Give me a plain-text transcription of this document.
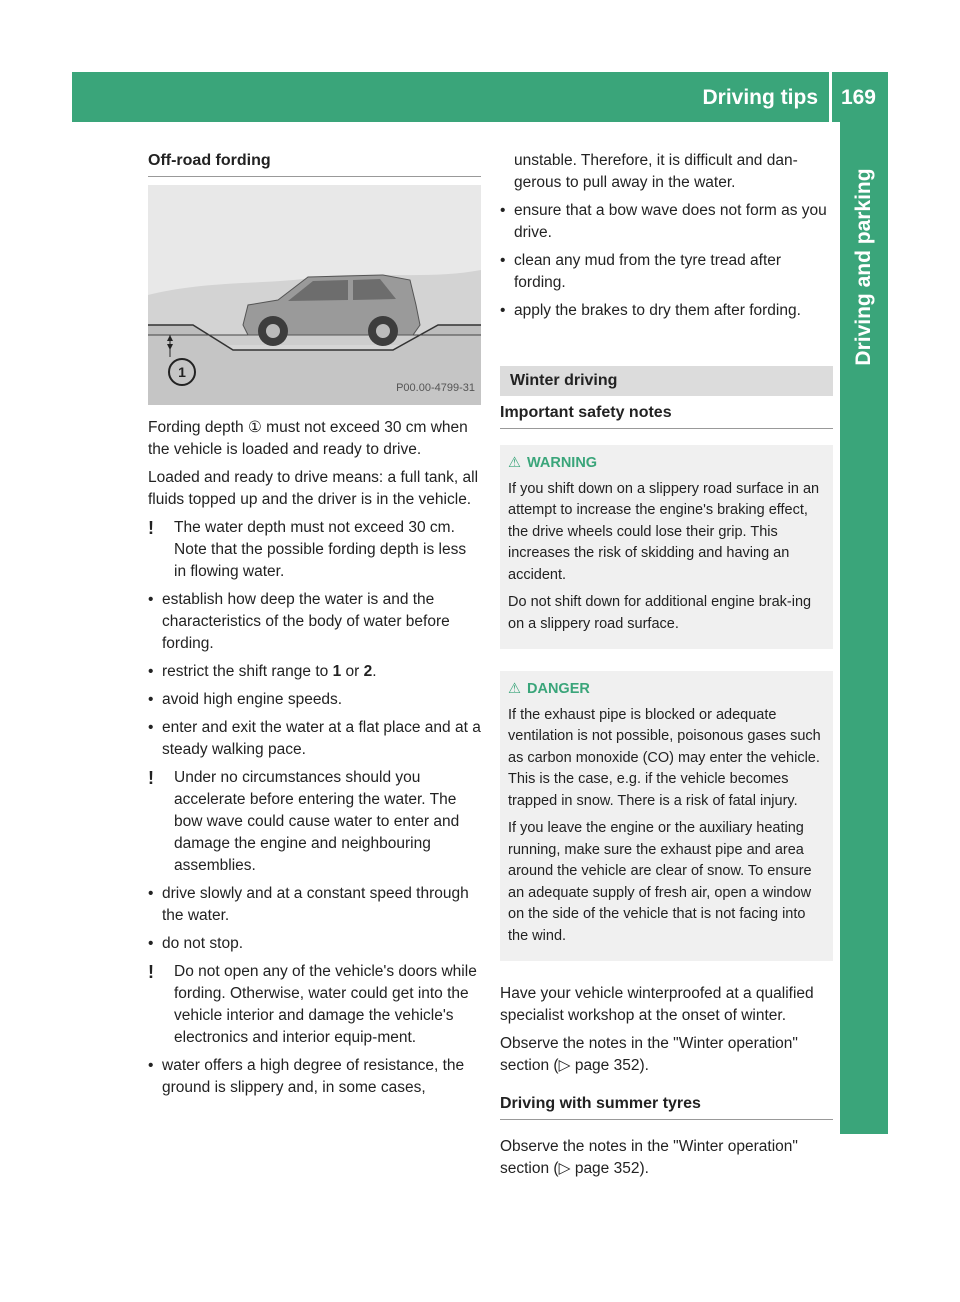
Driving tips 169
Driving and parking
Off-road fording
1
P00.00-4799-31

Fording depth ① must not exceed 30 cm when the vehicle is loaded and ready to drive.

Loaded and ready to drive means: a full tank, all fluids topped up and the driver is in the vehicle.

! The water depth must not exceed 30 cm. Note that the possible fording depth is less in flowing water.
• establish how deep the water is and the characteristics of the body of water before fording.
• restrict the shift range to 1 or 2.
• avoid high engine speeds.
• enter and exit the water at a flat place and at a steady walking pace.
! Under no circumstances should you accelerate before entering the water. The bow wave could cause water to enter and damage the engine and neighbouring assemblies.
• drive slowly and at a constant speed through the water.
• do not stop.
! Do not open any of the vehicle's doors while fording. Otherwise, water could get into the vehicle interior and damage the vehicle's electronics and interior equip-ment.
• water offers a high degree of resistance, the ground is slippery and, in some cases,
unstable. Therefore, it is difficult and dan-gerous to pull away in the water.
• ensure that a bow wave does not form as you drive.
• clean any mud from the tyre tread after fording.
• apply the brakes to dry them after fording.
Winter driving
Important safety notes
⚠ WARNING

If you shift down on a slippery road surface in an attempt to increase the engine's braking effect, the drive wheels could lose their grip. This increases the risk of skidding and having an accident.

Do not shift down for additional engine brak-ing on a slippery road surface.

⚠ DANGER

If the exhaust pipe is blocked or adequate ventilation is not possible, poisonous gases such as carbon monoxide (CO) may enter the vehicle. This is the case, e.g. if the vehicle becomes trapped in snow. There is a risk of fatal injury.

If you leave the engine or the auxiliary heating running, make sure the exhaust pipe and area around the vehicle are clear of snow. To ensure an adequate supply of fresh air, open a window on the side of the vehicle that is not facing into the wind.

Have your vehicle winterproofed at a qualified specialist workshop at the onset of winter.

Observe the notes in the "Winter operation" section (▷ page 352).

Driving with summer tyres

Observe the notes in the "Winter operation" section (▷ page 352).
